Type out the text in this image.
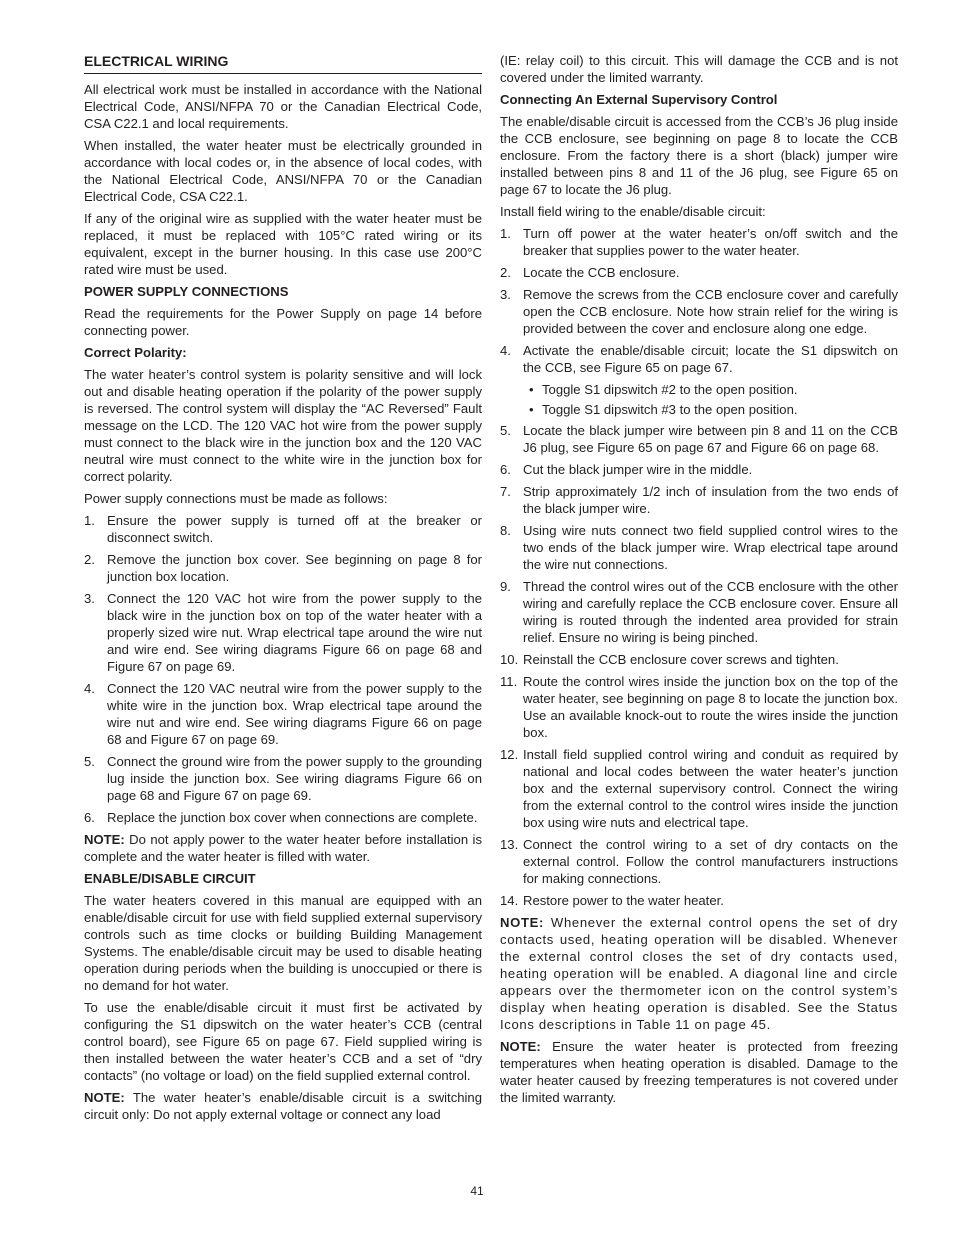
ELECTRICAL WIRING

All electrical work must be installed in accordance with the National Electrical Code, ANSI/NFPA 70 or the Canadian Electrical Code, CSA C22.1 and local requirements.

When installed, the water heater must be electrically grounded in accordance with local codes or, in the absence of local codes, with the National Electrical Code, ANSI/NFPA 70 or the Canadian Electrical Code, CSA C22.1.

If any of the original wire as supplied with the water heater must be replaced, it must be replaced with 105°C rated wiring or its equivalent, except in the burner housing. In this case use 200°C rated wire must be used.

POWER SUPPLY CONNECTIONS

Read the requirements for the Power Supply on page 14 before connecting power.

Correct Polarity:

The water heater’s control system is polarity sensitive and will lock out and disable heating operation if the polarity of the power supply is reversed. The control system will display the “AC Reversed” Fault message on the LCD. The 120 VAC hot wire from the power supply must connect to the black wire in the junction box and the 120 VAC neutral wire must connect to the white wire in the junction box for correct polarity.

Power supply connections must be made as follows:

1. Ensure the power supply is turned off at the breaker or disconnect switch.
2. Remove the junction box cover. See beginning on page 8 for junction box location.
3. Connect the 120 VAC hot wire from the power supply to the black wire in the junction box on top of the water heater with a properly sized wire nut. Wrap electrical tape around the wire nut and wire end. See wiring diagrams Figure 66 on page 68 and Figure 67 on page 69.
4. Connect the 120 VAC neutral wire from the power supply to the white wire in the junction box. Wrap electrical tape around the wire nut and wire end. See wiring diagrams Figure 66 on page 68 and Figure 67 on page 69.
5. Connect the ground wire from the power supply to the grounding lug inside the junction box. See wiring diagrams Figure 66 on page 68 and Figure 67 on page 69.
6. Replace the junction box cover when connections are complete.

NOTE: Do not apply power to the water heater before installation is complete and the water heater is filled with water.

ENABLE/DISABLE CIRCUIT

The water heaters covered in this manual are equipped with an enable/disable circuit for use with field supplied external supervisory controls such as time clocks or building Building Management Systems. The enable/disable circuit may be used to disable heating operation during periods when the building is unoccupied or there is no demand for hot water.

To use the enable/disable circuit it must first be activated by configuring the S1 dipswitch on the water heater’s CCB (central control board), see Figure 65 on page 67. Field supplied wiring is then installed between the water heater’s CCB and a set of “dry contacts” (no voltage or load) on the field supplied external control.

NOTE: The water heater’s enable/disable circuit is a switching circuit only: Do not apply external voltage or connect any load

(IE: relay coil) to this circuit. This will damage the CCB and is not covered under the limited warranty.

Connecting An External Supervisory Control

The enable/disable circuit is accessed from the CCB’s J6 plug inside the CCB enclosure, see beginning on page 8 to locate the CCB enclosure. From the factory there is a short (black) jumper wire installed between pins 8 and 11 of the J6 plug, see Figure 65 on page 67 to locate the J6 plug.

Install field wiring to the enable/disable circuit:

1. Turn off power at the water heater’s on/off switch and the breaker that supplies power to the water heater.
2. Locate the CCB enclosure.
3. Remove the screws from the CCB enclosure cover and carefully open the CCB enclosure. Note how strain relief for the wiring is provided between the cover and enclosure along one edge.
4. Activate the enable/disable circuit; locate the S1 dipswitch on the CCB, see Figure 65 on page 67.
• Toggle S1 dipswitch #2 to the open position.
• Toggle S1 dipswitch #3 to the open position.
5. Locate the black jumper wire between pin 8 and 11 on the CCB J6 plug, see Figure 65 on page 67 and Figure 66 on page 68.
6. Cut the black jumper wire in the middle.
7. Strip approximately 1/2 inch of insulation from the two ends of the black jumper wire.
8. Using wire nuts connect two field supplied control wires to the two ends of the black jumper wire. Wrap electrical tape around the wire nut connections.
9. Thread the control wires out of the CCB enclosure with the other wiring and carefully replace the CCB enclosure cover. Ensure all wiring is routed through the indented area provided for strain relief. Ensure no wiring is being pinched.
10. Reinstall the CCB enclosure cover screws and tighten.
11. Route the control wires inside the junction box on the top of the water heater, see beginning on page 8 to locate the junction box. Use an available knock-out to route the wires inside the junction box.
12. Install field supplied control wiring and conduit as required by national and local codes between the water heater’s junction box and the external supervisory control. Connect the wiring from the external control to the control wires inside the junction box using wire nuts and electrical tape.
13. Connect the control wiring to a set of dry contacts on the external control. Follow the control manufacturers instructions for making connections.
14. Restore power to the water heater.

NOTE: Whenever the external control opens the set of dry contacts used, heating operation will be disabled. Whenever the external control closes the set of dry contacts used, heating operation will be enabled. A diagonal line and circle appears over the thermometer icon on the control system’s display when heating operation is disabled. See the Status Icons descriptions in Table 11 on page 45.

NOTE: Ensure the water heater is protected from freezing temperatures when heating operation is disabled. Damage to the water heater caused by freezing temperatures is not covered under the limited warranty.

41
